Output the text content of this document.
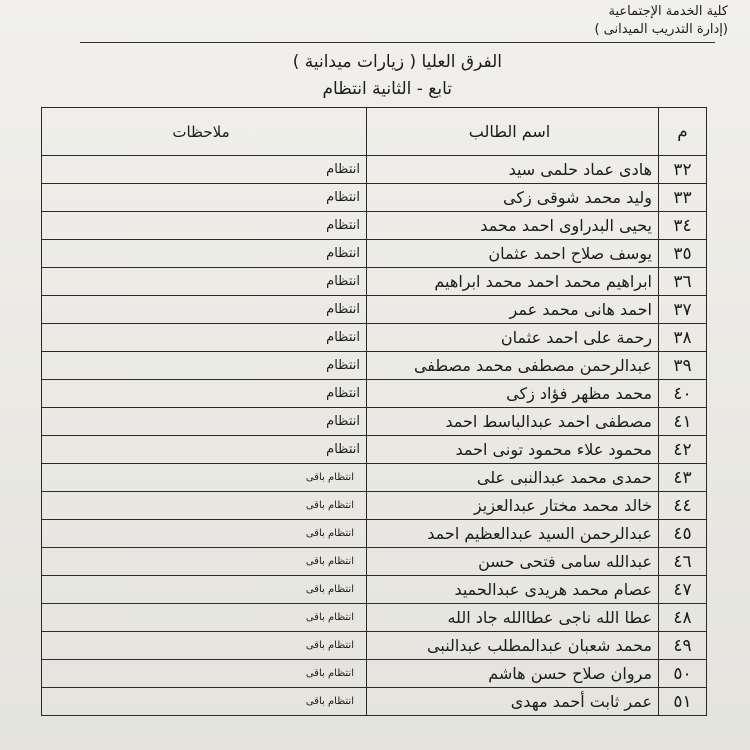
كلية الخدمة الإجتماعية
(إدارة التدريب الميدانى )
الفرق العليا ( زيارات ميدانية )
تابع - الثانية انتظام
م	اسم الطالب	ملاحظات
٣٢	هادى عماد حلمى سيد	انتظام
٣٣	وليد محمد شوقى زكى	انتظام
٣٤	يحيى البدراوى احمد محمد	انتظام
٣٥	يوسف صلاح احمد عثمان	انتظام
٣٦	ابراهيم محمد احمد محمد ابراهيم	انتظام
٣٧	احمد هانى محمد عمر	انتظام
٣٨	رحمة على احمد عثمان	انتظام
٣٩	عبدالرحمن مصطفى محمد مصطفى	انتظام
٤٠	محمد مظهر فؤاد زكى	انتظام
٤١	مصطفى احمد عبدالباسط احمد	انتظام
٤٢	محمود علاء محمود تونى احمد	انتظام
٤٣	حمدى محمد عبدالنبى على	انتظام باقى
٤٤	خالد محمد مختار عبدالعزيز	انتظام باقى
٤٥	عبدالرحمن السيد عبدالعظيم احمد	انتظام باقى
٤٦	عبدالله سامى فتحى حسن	انتظام باقى
٤٧	عصام محمد هريدى عبدالحميد	انتظام باقى
٤٨	عطا الله ناجى عطاالله جاد الله	انتظام باقى
٤٩	محمد شعبان عبدالمطلب عبدالنبى	انتظام باقى
٥٠	مروان صلاح حسن هاشم	انتظام باقى
٥١	عمر ثابت أحمد مهدى	انتظام باقى
